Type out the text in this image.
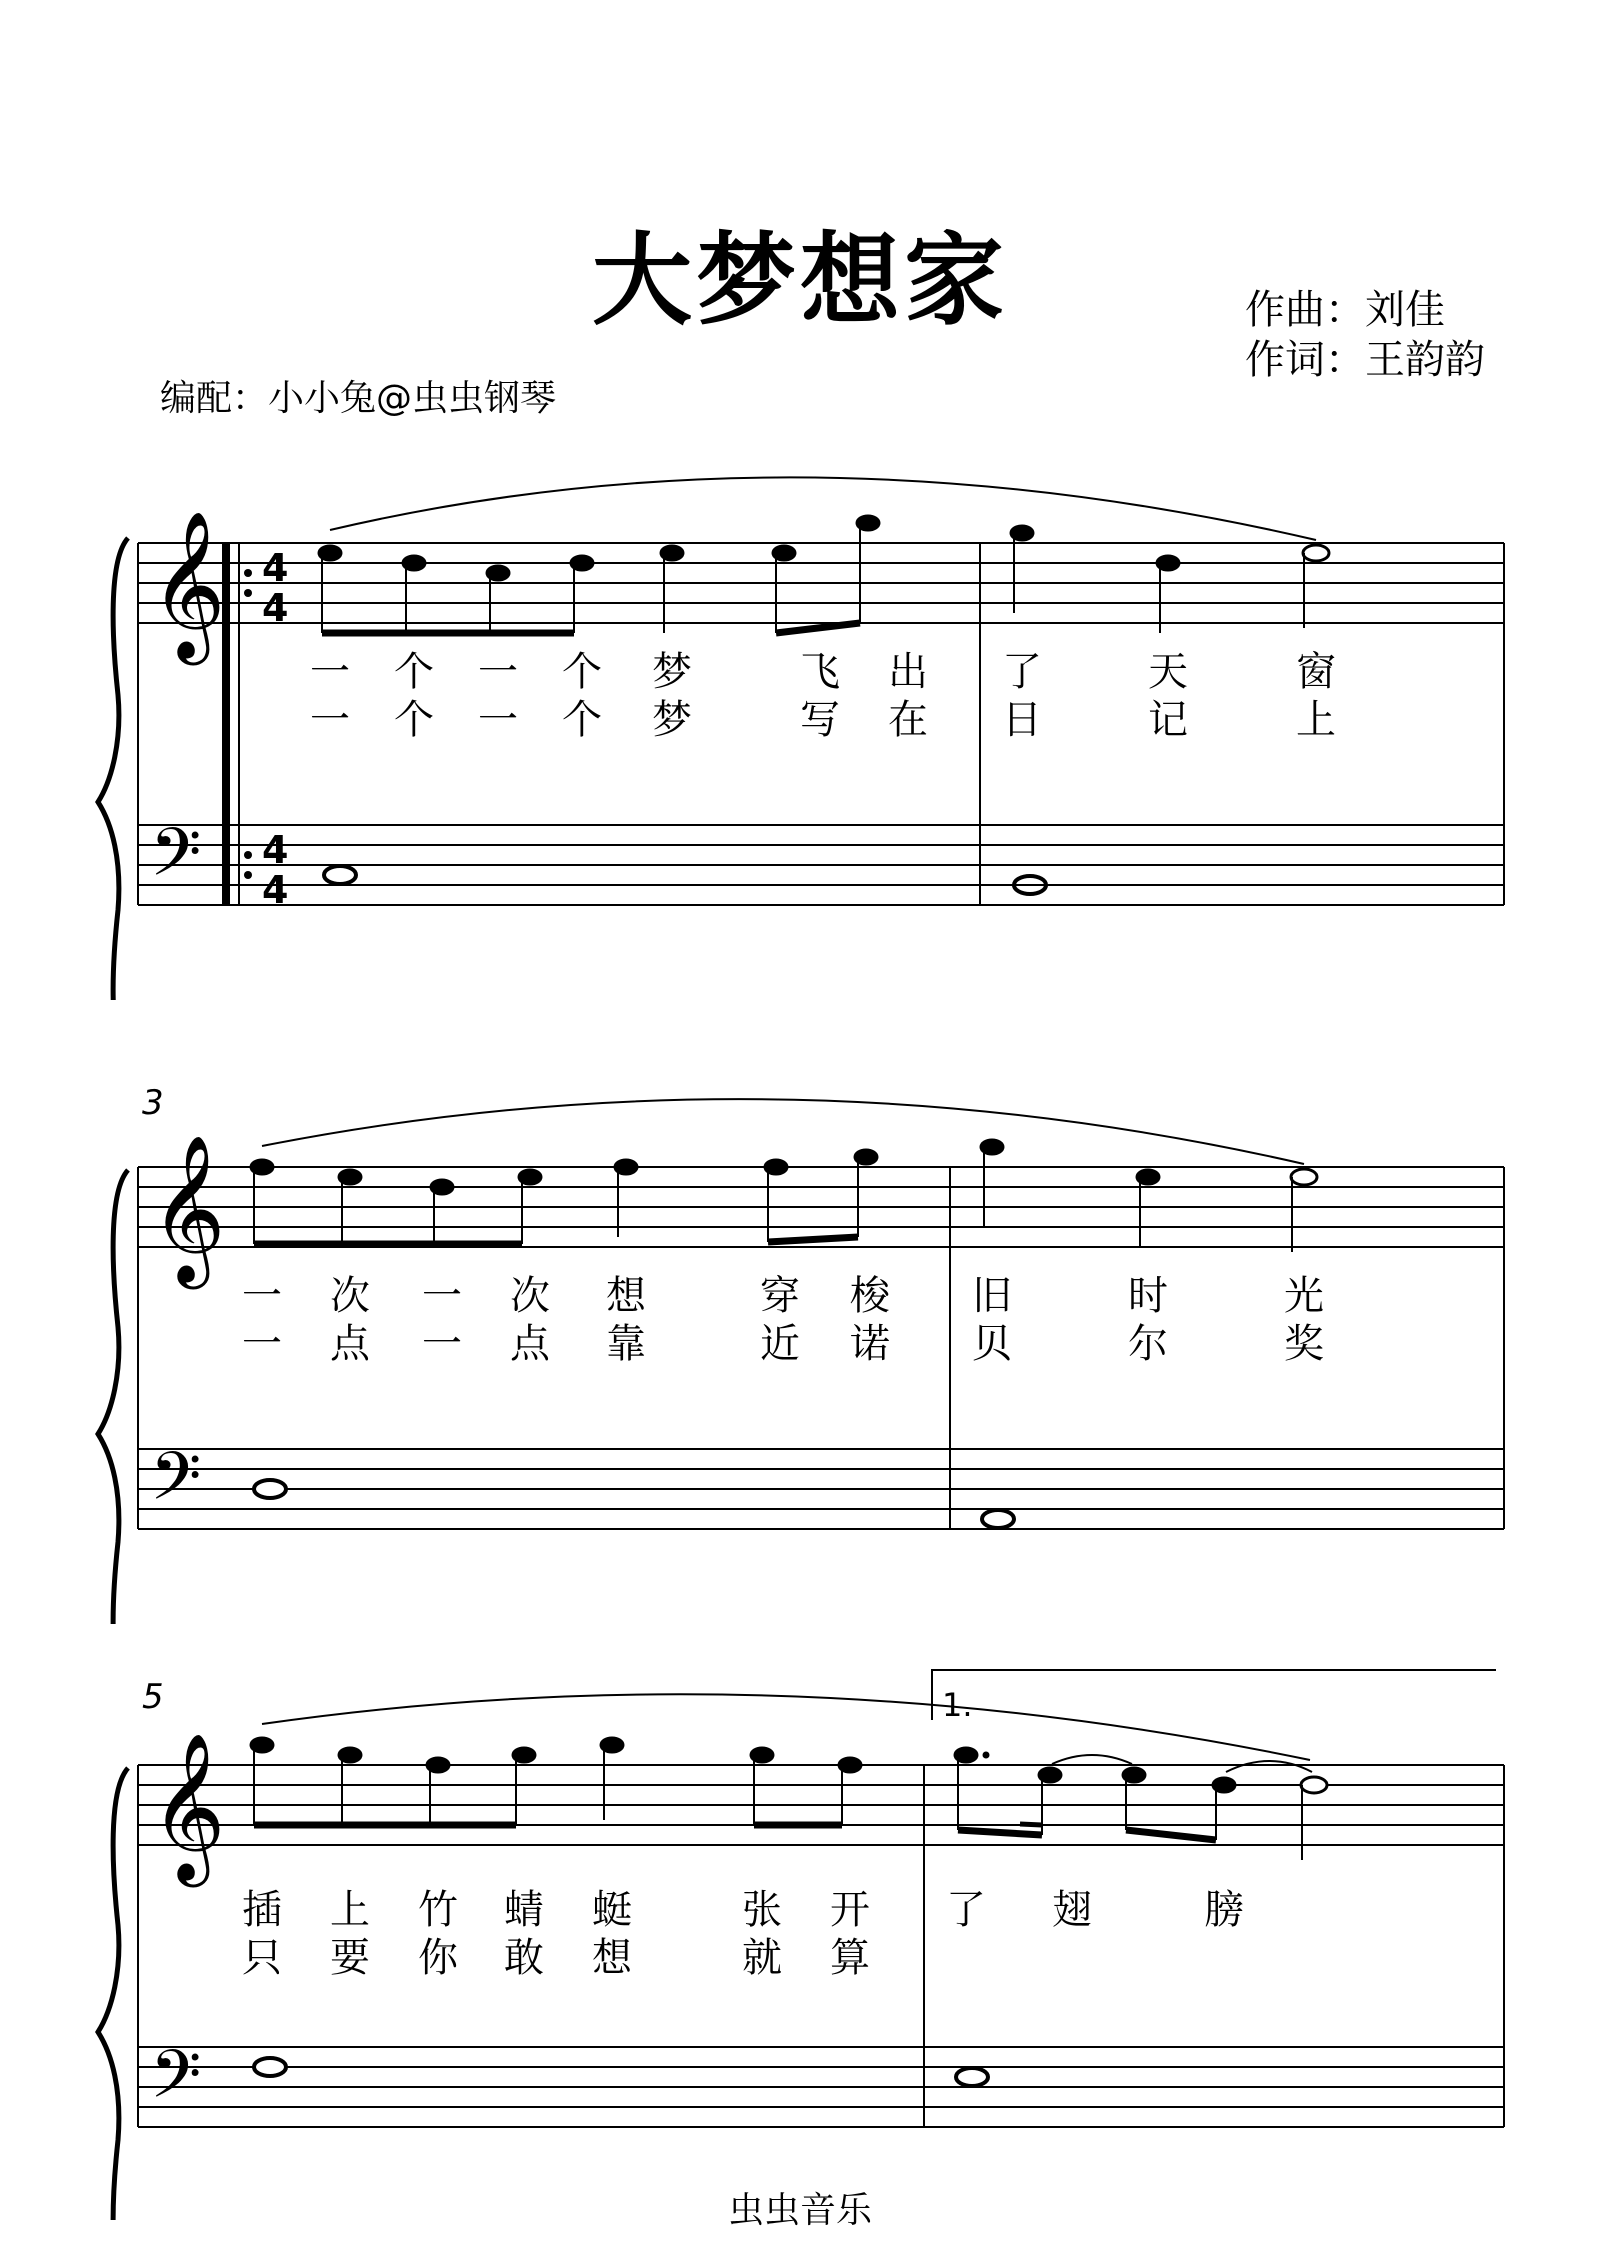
大梦想家	作曲：刘佳
作词：王韵韵
编配：小小兔@虫虫钢琴
𝄞
𝄢
4
4
4
4
一 个 一 个 梦	飞 出 了	天	窗
一 个 一 个 梦	写 在 日	记	上
3
𝄞
𝄢
一 次 一 次 想	穿 梭 旧	时	光
一 点 一 点 靠	近 诺 贝	尔	奖
5	1.
𝄞
𝄢
插 上 竹 蜻 蜓	张 开 了 翅	膀
只 要 你 敢 想	就 算
虫虫音乐
